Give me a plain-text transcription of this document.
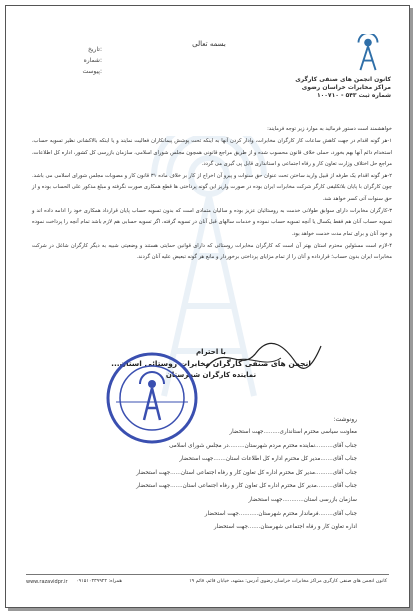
بسمه تعالی
تاریخ:
شماره:
پیوست:
کانون انجمن های صنفی کارگری
مراکز مخابرات خراسان رضوی
شماره ثبت ۵۴۳ - ۱۰۰۷۱۰

خواهشمند است دستور فرمائید به موارد زیر توجه فرمایند:

۱-هر گونه اقدام در جهت کاهش ساعات کار کارگران مخابرات، وادار کردن آنها به اینکه تحت پوشش پیمانکاران فعالیت نمایند و یا اینکه بالاکشانی نظیر تسویه حساب، استخدام دائم آنها بهم بخورد، حملی خلاف قانون محسوب شده و از طریق مراجع قانونی همچون مجلس شورای اسلامی، سازمان بازرسی کل کشور، اداره کل اطلاعات، مراجع حل اختلاف وزارت تعاون کار و رفاه اجتماعی و استانداری قابل پی گیری می گردد.

۲-هر گونه اقدام یک طرفه از قبیل وارید ساختن تحت عنوان حق سنوات و پیرو آن اخراج از کار بر خلاف ماده ۳۱ قانون کار و مصوبات مجلس شورای اسلامی می باشد. چون کارگران با پایان بلاتکلیفی کارگر شرکت مخابرات ایران بوده در صورت واریز این گونه پرداختی ها قطع همکاری صورت نگرفته و مبلغ مذکور علی الحساب بوده و از حق سنوات آتی کسر خواهد شد.

۳-کارگران مخابرات دارای سوابق طولانی خدمت به روستائیان عزیز بوده و سالیان متمادی است که بدون تسویه حساب پایان قرارداد همکاری خود را ادامه داده اند و تسویه حساب آنان هم فقط یکسال یا آنچه تسویه حساب نموده و خدمات سالهای قبل آنان در تسویه گرفته، اگر تسویه حسابی هم لازم باشد تمام آنچه را پرداخت نموده و خود آنان و برای تمام مدت خدمت خواهد بود.

۴-لازم است مسئولین محترم استان بهتر آن است که کارگران مخابرات روستائی که دارای قوانین حمایتی هستند و وضعیتی شبیه به دیگر کارگران شاغل در شرکت مخابرات ایران بدون حساب؛ قرارداده و آنان را از تمام مزایای پرداختی برخوردار و مانع هر گونه تبعیض علیه آنان گردند.

با احترام
انجمن های صنفی کارگران مخابرات روستائی استان...
نماینده کارگران شهرستان
رونوشت:
معاونت سیاسی محترم استانداری.........جهت استحضار
جناب آقای..........نماینده محترم مردم شهرستان.........در مجلس شورای اسلامی
جناب آقای.......مدیر کل محترم اداره کل اطلاعات استان.......جهت استحضار
جناب آقای..........مدیر کل محترم اداره کل تعاون کار و رفاه اجتماعی استان......جهت استحضار
جناب آقای.........مدیر کل محترم اداره کل تعاون کار و رفاه اجتماعی استان.......جهت استحضار
سازمان بازرسی استان............جهت استحضار
جناب آقای........فرماندار محترم شهرستان...........جهت استحضار
اداره تعاون کار و رفاه اجتماعی شهرستان.......جهت استحضار
کانون انجمن های صنفی کارگری مراکز مخابرات خراسان رضوی آدرس: مشهد، خیابان قائم، قائم ۱۹
همراه: ۰۹۱۵۱۰۴۳۹۹۲۴
www.razavidpr.ir
